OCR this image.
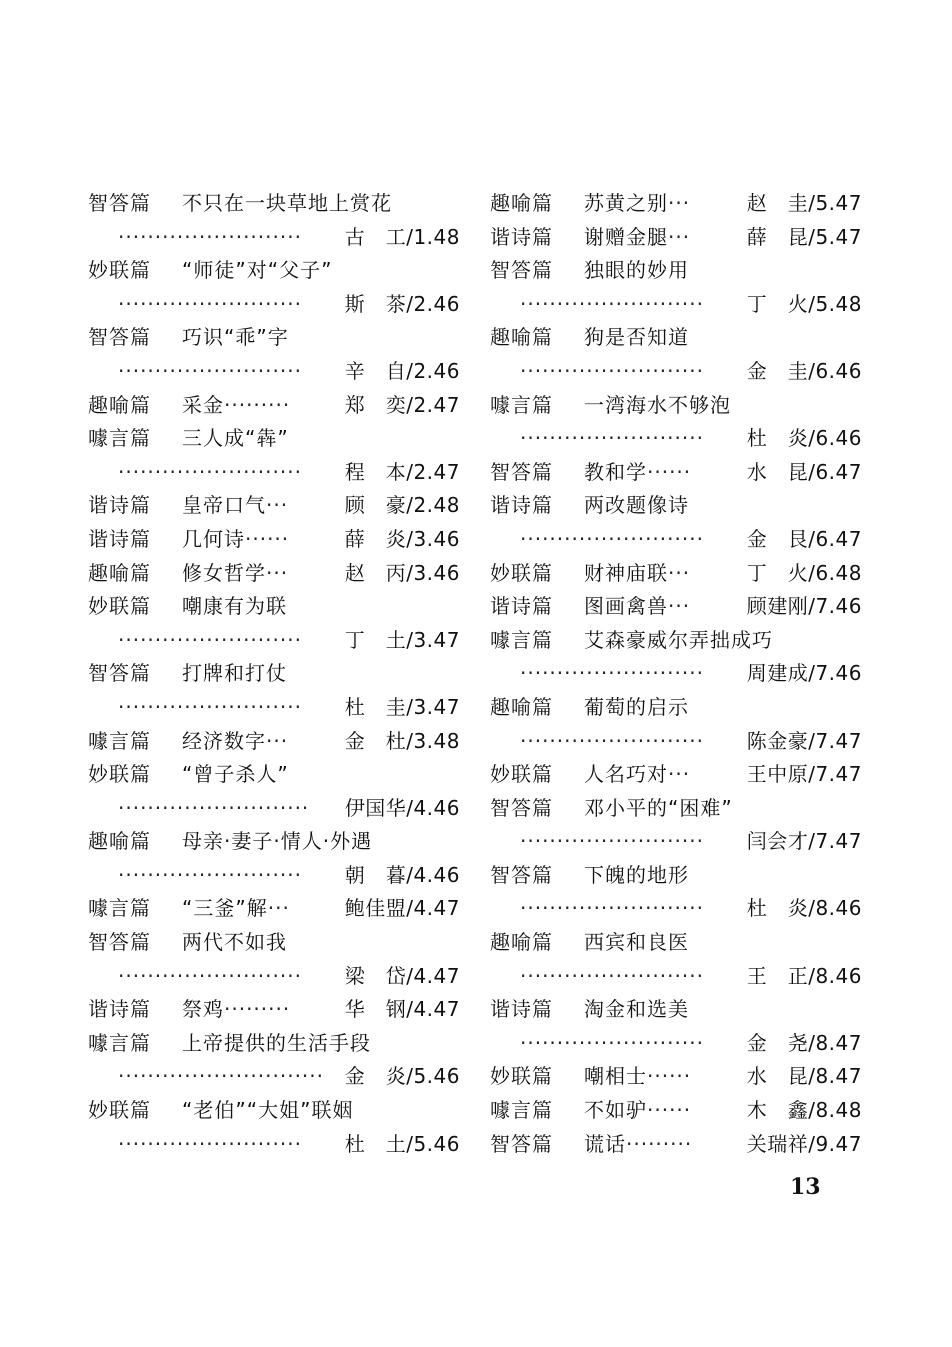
智答篇 不只在一块草地上赏花
························· 古　工/1.48
妙联篇 “师徒”对“父子”
························· 斯　茶/2.46
智答篇 巧识“乖”字
························· 辛　自/2.46
趣喻篇 采金·········	郑　奕/2.47
噱言篇 三人成“犇”
························· 程　本/2.47
谐诗篇 皇帝口气···	顾　豪/2.48
谐诗篇 几何诗······	薛　炎/3.46
趣喻篇 修女哲学···	赵　丙/3.46
妙联篇 嘲康有为联
························· 丁　土/3.47
智答篇 打牌和打仗
························· 杜　圭/3.47
噱言篇 经济数字···	金　杜/3.48
妙联篇 “曾子杀人”
·························· 伊国华/4.46
趣喻篇 母亲·妻子·情人·外遇
························· 朝　暮/4.46
噱言篇 “三釜”解···	鲍佳盟/4.47
智答篇 两代不如我
························· 梁　岱/4.47
谐诗篇 祭鸡·········	华　钢/4.47
噱言篇 上帝提供的生活手段
···························· 金　炎/5.46
妙联篇 “老伯”“大姐”联姻
························· 杜　土/5.46
趣喻篇 苏黄之别···	赵　圭/5.47
谐诗篇 谢赠金腿···	薛　昆/5.47
智答篇 独眼的妙用
························· 丁　火/5.48
趣喻篇 狗是否知道
························· 金　圭/6.46
噱言篇 一湾海水不够泡
························· 杜　炎/6.46
智答篇 教和学······	水　昆/6.47
谐诗篇 两改题像诗
························· 金　艮/6.47
妙联篇 财神庙联···	丁　火/6.48
谐诗篇 图画禽兽···	顾建刚/7.46
噱言篇 艾森豪威尔弄拙成巧
························· 周建成/7.46
趣喻篇 葡萄的启示
························· 陈金豪/7.47
妙联篇 人名巧对···	王中原/7.47
智答篇 邓小平的“困难”
························· 闫会才/7.47
智答篇 下魄的地形
························· 杜　炎/8.46
趣喻篇 西宾和良医
························· 王　正/8.46
谐诗篇 淘金和选美
························· 金　尧/8.47
妙联篇 嘲相士······	水　昆/8.47
噱言篇 不如驴······	木　鑫/8.48
智答篇 谎话·········	关瑞祥/9.47
13
